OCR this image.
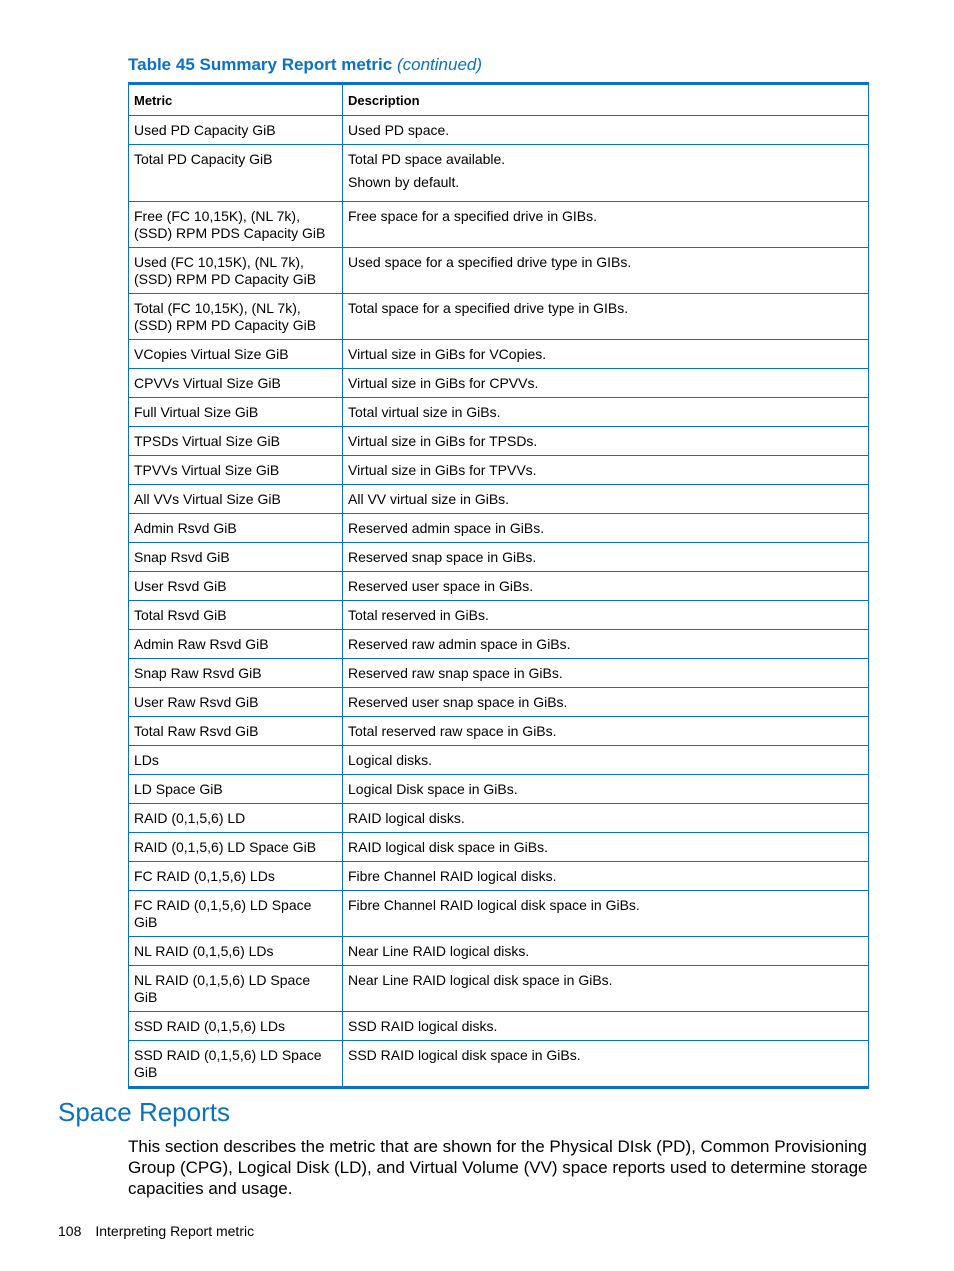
Table 45 Summary Report metric (continued)
Metric	Description
Used PD Capacity GiB	Used PD space.

Total PD Capacity GiB	Total PD space available.
Shown by default.

Free (FC 10,15K), (NL 7k), (SSD) RPM PDS Capacity GiB	Free space for a specified drive in GIBs.

Used (FC 10,15K), (NL 7k), (SSD) RPM PD Capacity GiB	Used space for a specified drive type in GIBs.

Total (FC 10,15K), (NL 7k), (SSD) RPM PD Capacity GiB	Total space for a specified drive type in GIBs.

VCopies Virtual Size GiB	Virtual size in GiBs for VCopies.

CPVVs Virtual Size GiB	Virtual size in GiBs for CPVVs.

Full Virtual Size GiB	Total virtual size in GiBs.

TPSDs Virtual Size GiB	Virtual size in GiBs for TPSDs.

TPVVs Virtual Size GiB	Virtual size in GiBs for TPVVs.

All VVs Virtual Size GiB	All VV virtual size in GiBs.

Admin Rsvd GiB	Reserved admin space in GiBs.

Snap Rsvd GiB	Reserved snap space in GiBs.

User Rsvd GiB	Reserved user space in GiBs.

Total Rsvd GiB	Total reserved in GiBs.

Admin Raw Rsvd GiB	Reserved raw admin space in GiBs.

Snap Raw Rsvd GiB	Reserved raw snap space in GiBs.

User Raw Rsvd GiB	Reserved user snap space in GiBs.

Total Raw Rsvd GiB	Total reserved raw space in GiBs.

LDs	Logical disks.

LD Space GiB	Logical Disk space in GiBs.

RAID (0,1,5,6) LD	RAID logical disks.

RAID (0,1,5,6) LD Space GiB	RAID logical disk space in GiBs.

FC RAID (0,1,5,6) LDs	Fibre Channel RAID logical disks.

FC RAID (0,1,5,6) LD Space GiB	Fibre Channel RAID logical disk space in GiBs.

NL RAID (0,1,5,6) LDs	Near Line RAID logical disks.

NL RAID (0,1,5,6) LD Space GiB	Near Line RAID logical disk space in GiBs.

SSD RAID (0,1,5,6) LDs	SSD RAID logical disks.

SSD RAID (0,1,5,6) LD Space GiB	SSD RAID logical disk space in GiBs.
Space Reports

This section describes the metric that are shown for the Physical DIsk (PD), Common Provisioning Group (CPG), Logical Disk (LD), and Virtual Volume (VV) space reports used to determine storage capacities and usage.

108 Interpreting Report metric
